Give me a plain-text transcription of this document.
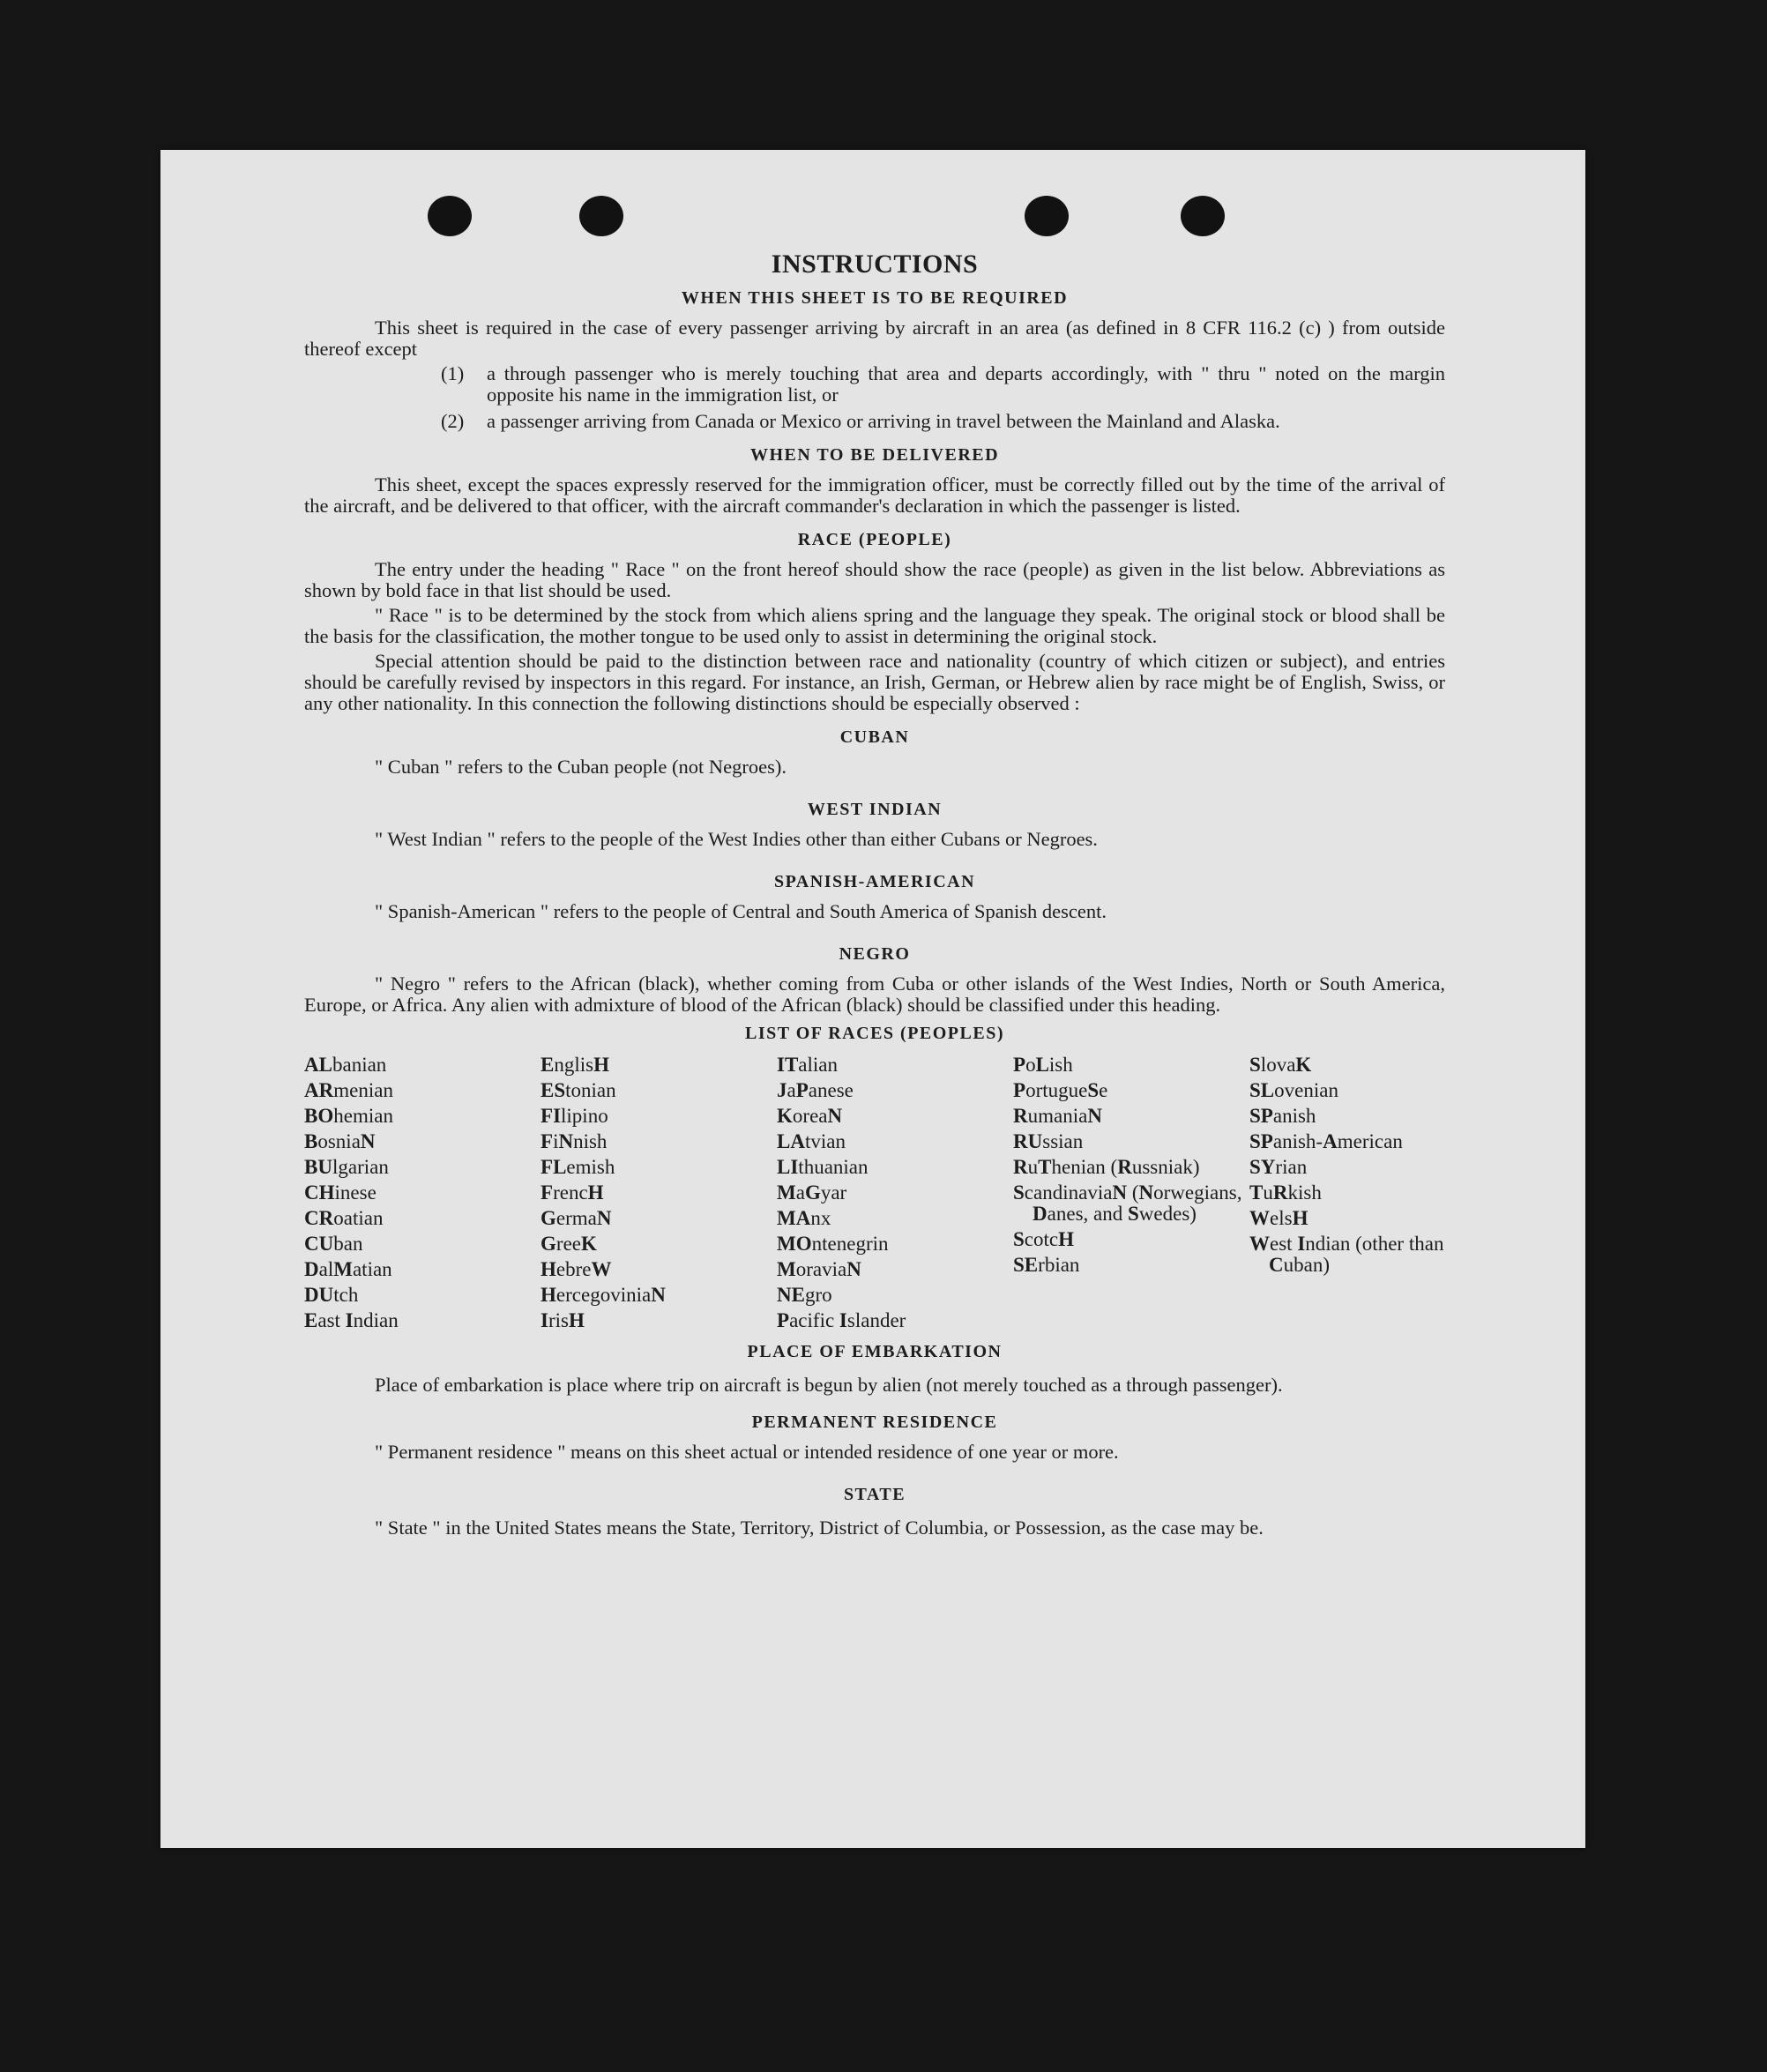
INSTRUCTIONS
WHEN THIS SHEET IS TO BE REQUIRED

This sheet is required in the case of every passenger arriving by aircraft in an area (as defined in 8 CFR 116.2 (c) ) from outside thereof except

(1)	a through passenger who is merely touching that area and departs accordingly, with " thru " noted on the margin opposite his name in the immigration list, or
(2)	a passenger arriving from Canada or Mexico or arriving in travel between the Mainland and Alaska.
WHEN TO BE DELIVERED

This sheet, except the spaces expressly reserved for the immigration officer, must be correctly filled out by the time of the arrival of the aircraft, and be delivered to that officer, with the aircraft commander's declaration in which the passenger is listed.

RACE (PEOPLE)

The entry under the heading " Race " on the front hereof should show the race (people) as given in the list below. Abbreviations as shown by bold face in that list should be used.

" Race " is to be determined by the stock from which aliens spring and the language they speak. The original stock or blood shall be the basis for the classification, the mother tongue to be used only to assist in determining the original stock.

Special attention should be paid to the distinction between race and nationality (country of which citizen or subject), and entries should be carefully revised by inspectors in this regard. For instance, an Irish, German, or Hebrew alien by race might be of English, Swiss, or any other nationality. In this connection the following distinctions should be especially observed :

CUBAN

" Cuban " refers to the Cuban people (not Negroes).

WEST INDIAN

" West Indian " refers to the people of the West Indies other than either Cubans or Negroes.

SPANISH-AMERICAN

" Spanish-American " refers to the people of Central and South America of Spanish descent.

NEGRO

" Negro " refers to the African (black), whether coming from Cuba or other islands of the West Indies, North or South America, Europe, or Africa. Any alien with admixture of blood of the African (black) should be classified under this heading.

LIST OF RACES (PEOPLES)
ALbanian
ARmenian
BOhemian
BosniaN
BUlgarian
CHinese
CRoatian
CUban
DalMatian
DUtch
East Indian
EnglisH
EStonian
FIlipino
FiNnish
FLemish
FrencH
GermaN
GreeK
HebreW
HercegoviniaN
IrisH
ITalian
JaPanese
KoreaN
LAtvian
LIthuanian
MaGyar
MAnx
MOntenegrin
MoraviaN
NEgro
Pacific Islander
PoLish
PortugueSe
RumaniaN
RUssian
RuThenian (Russniak)
ScandinaviaN (Norwegians, Danes, and Swedes)
ScotcH
SErbian
SlovaK
SLovenian
SPanish
SPanish-American
SYrian
TuRkish
WelsH
West Indian (other than Cuban)
PLACE OF EMBARKATION

Place of embarkation is place where trip on aircraft is begun by alien (not merely touched as a through passenger).

PERMANENT RESIDENCE

" Permanent residence " means on this sheet actual or intended residence of one year or more.

STATE

" State " in the United States means the State, Territory, District of Columbia, or Possession, as the case may be.
